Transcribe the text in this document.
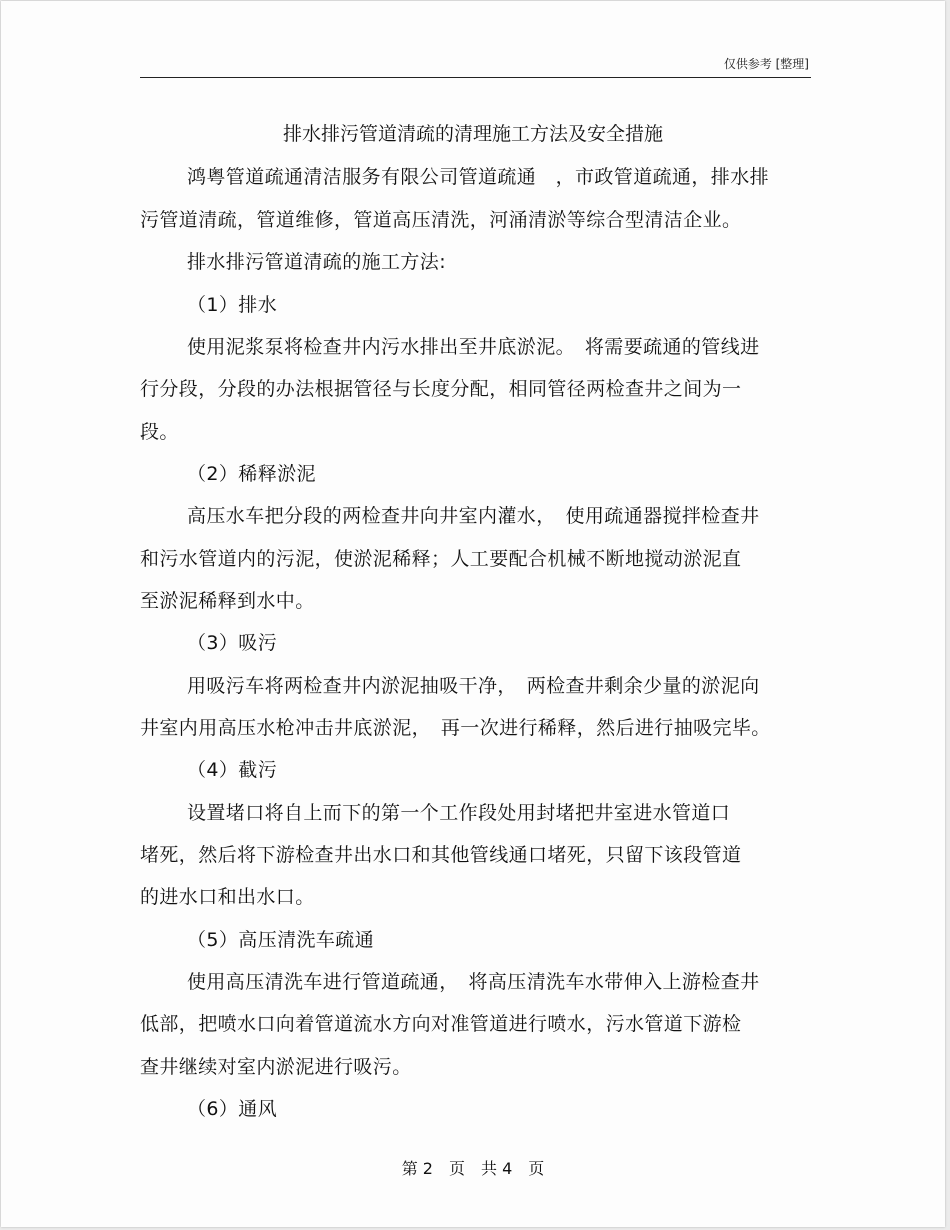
仅供参考 [整理]
排水排污管道清疏的清理施工方法及安全措施
鸿粤管道疏通清洁服务有限公司管道疏通　，市政管道疏通，排水排
污管道清疏，管道维修，管道高压清洗，河涌清淤等综合型清洁企业。
排水排污管道清疏的施工方法:
（1）排水
使用泥浆泵将检查井内污水排出至井底淤泥。　将需要疏通的管线进
行分段，分段的办法根据管径与长度分配，相同管径两检查井之间为一
段。
（2）稀释淤泥
高压水车把分段的两检查井向井室内灌水，　使用疏通器搅拌检查井
和污水管道内的污泥，使淤泥稀释；人工要配合机械不断地搅动淤泥直
至淤泥稀释到水中。
（3）吸污
用吸污车将两检查井内淤泥抽吸干净，　两检查井剩余少量的淤泥向
井室内用高压水枪冲击井底淤泥，　再一次进行稀释，然后进行抽吸完毕。
（4）截污
设置堵口将自上而下的第一个工作段处用封堵把井室进水管道口
堵死，然后将下游检查井出水口和其他管线通口堵死，只留下该段管道
的进水口和出水口。
（5）高压清洗车疏通
使用高压清洗车进行管道疏通，　将高压清洗车水带伸入上游检查井
低部，把喷水口向着管道流水方向对准管道进行喷水，污水管道下游检
查井继续对室内淤泥进行吸污。
（6）通风
第 2　页　共 4　页
